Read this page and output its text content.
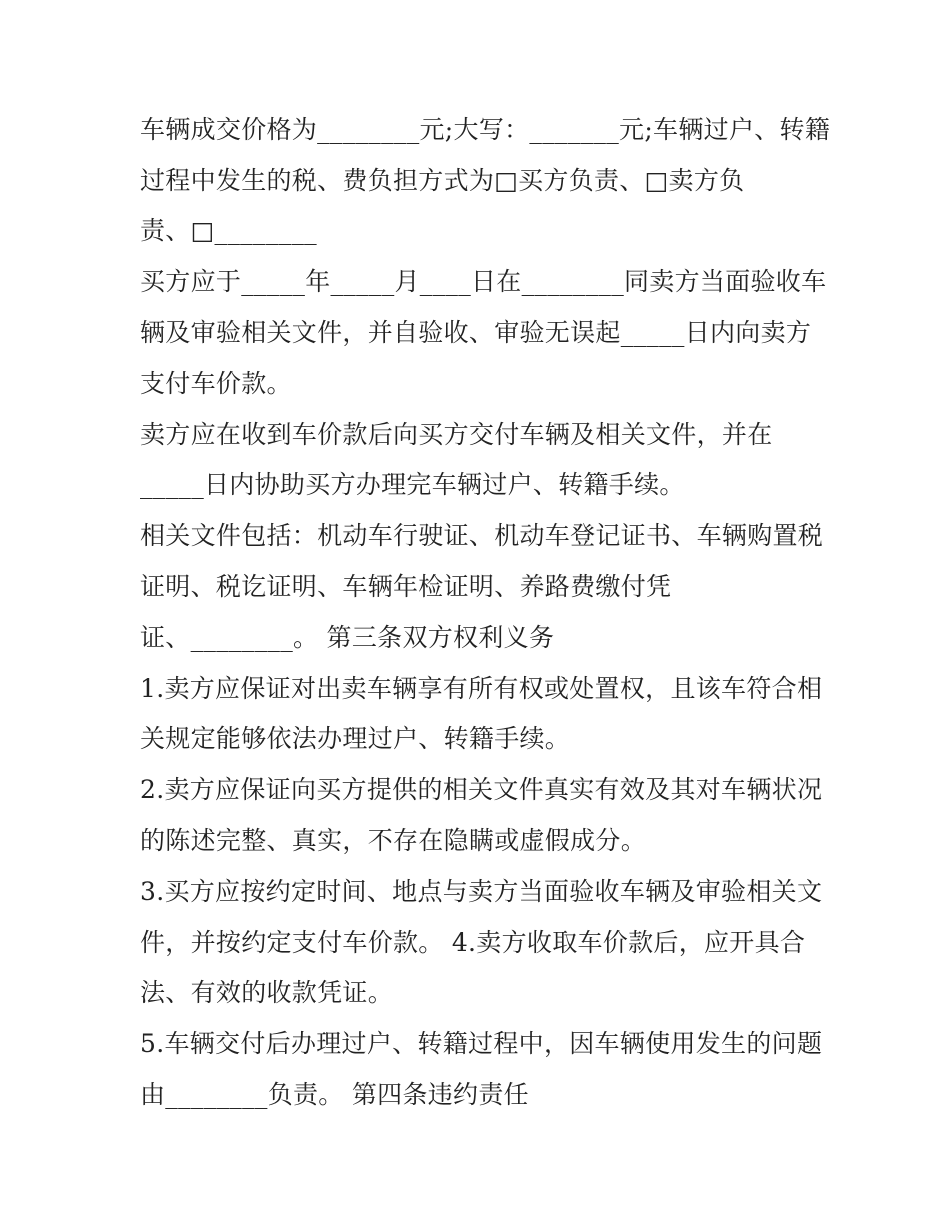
车辆成交价格为________元;大写：_______元;车辆过户、转籍
过程中发生的税、费负担方式为□买方负责、□卖方负
责、□________
买方应于_____年_____月____日在________同卖方当面验收车
辆及审验相关文件，并自验收、审验无误起_____日内向卖方
支付车价款。
卖方应在收到车价款后向买方交付车辆及相关文件，并在
_____日内协助买方办理完车辆过户、转籍手续。
相关文件包括：机动车行驶证、机动车登记证书、车辆购置税
证明、税讫证明、车辆年检证明、养路费缴付凭
证、________。 第三条双方权利义务
1.卖方应保证对出卖车辆享有所有权或处置权，且该车符合相
关规定能够依法办理过户、转籍手续。
2.卖方应保证向买方提供的相关文件真实有效及其对车辆状况
的陈述完整、真实，不存在隐瞒或虚假成分。
3.买方应按约定时间、地点与卖方当面验收车辆及审验相关文
件，并按约定支付车价款。 4.卖方收取车价款后，应开具合
法、有效的收款凭证。
5.车辆交付后办理过户、转籍过程中，因车辆使用发生的问题
由________负责。 第四条违约责任
